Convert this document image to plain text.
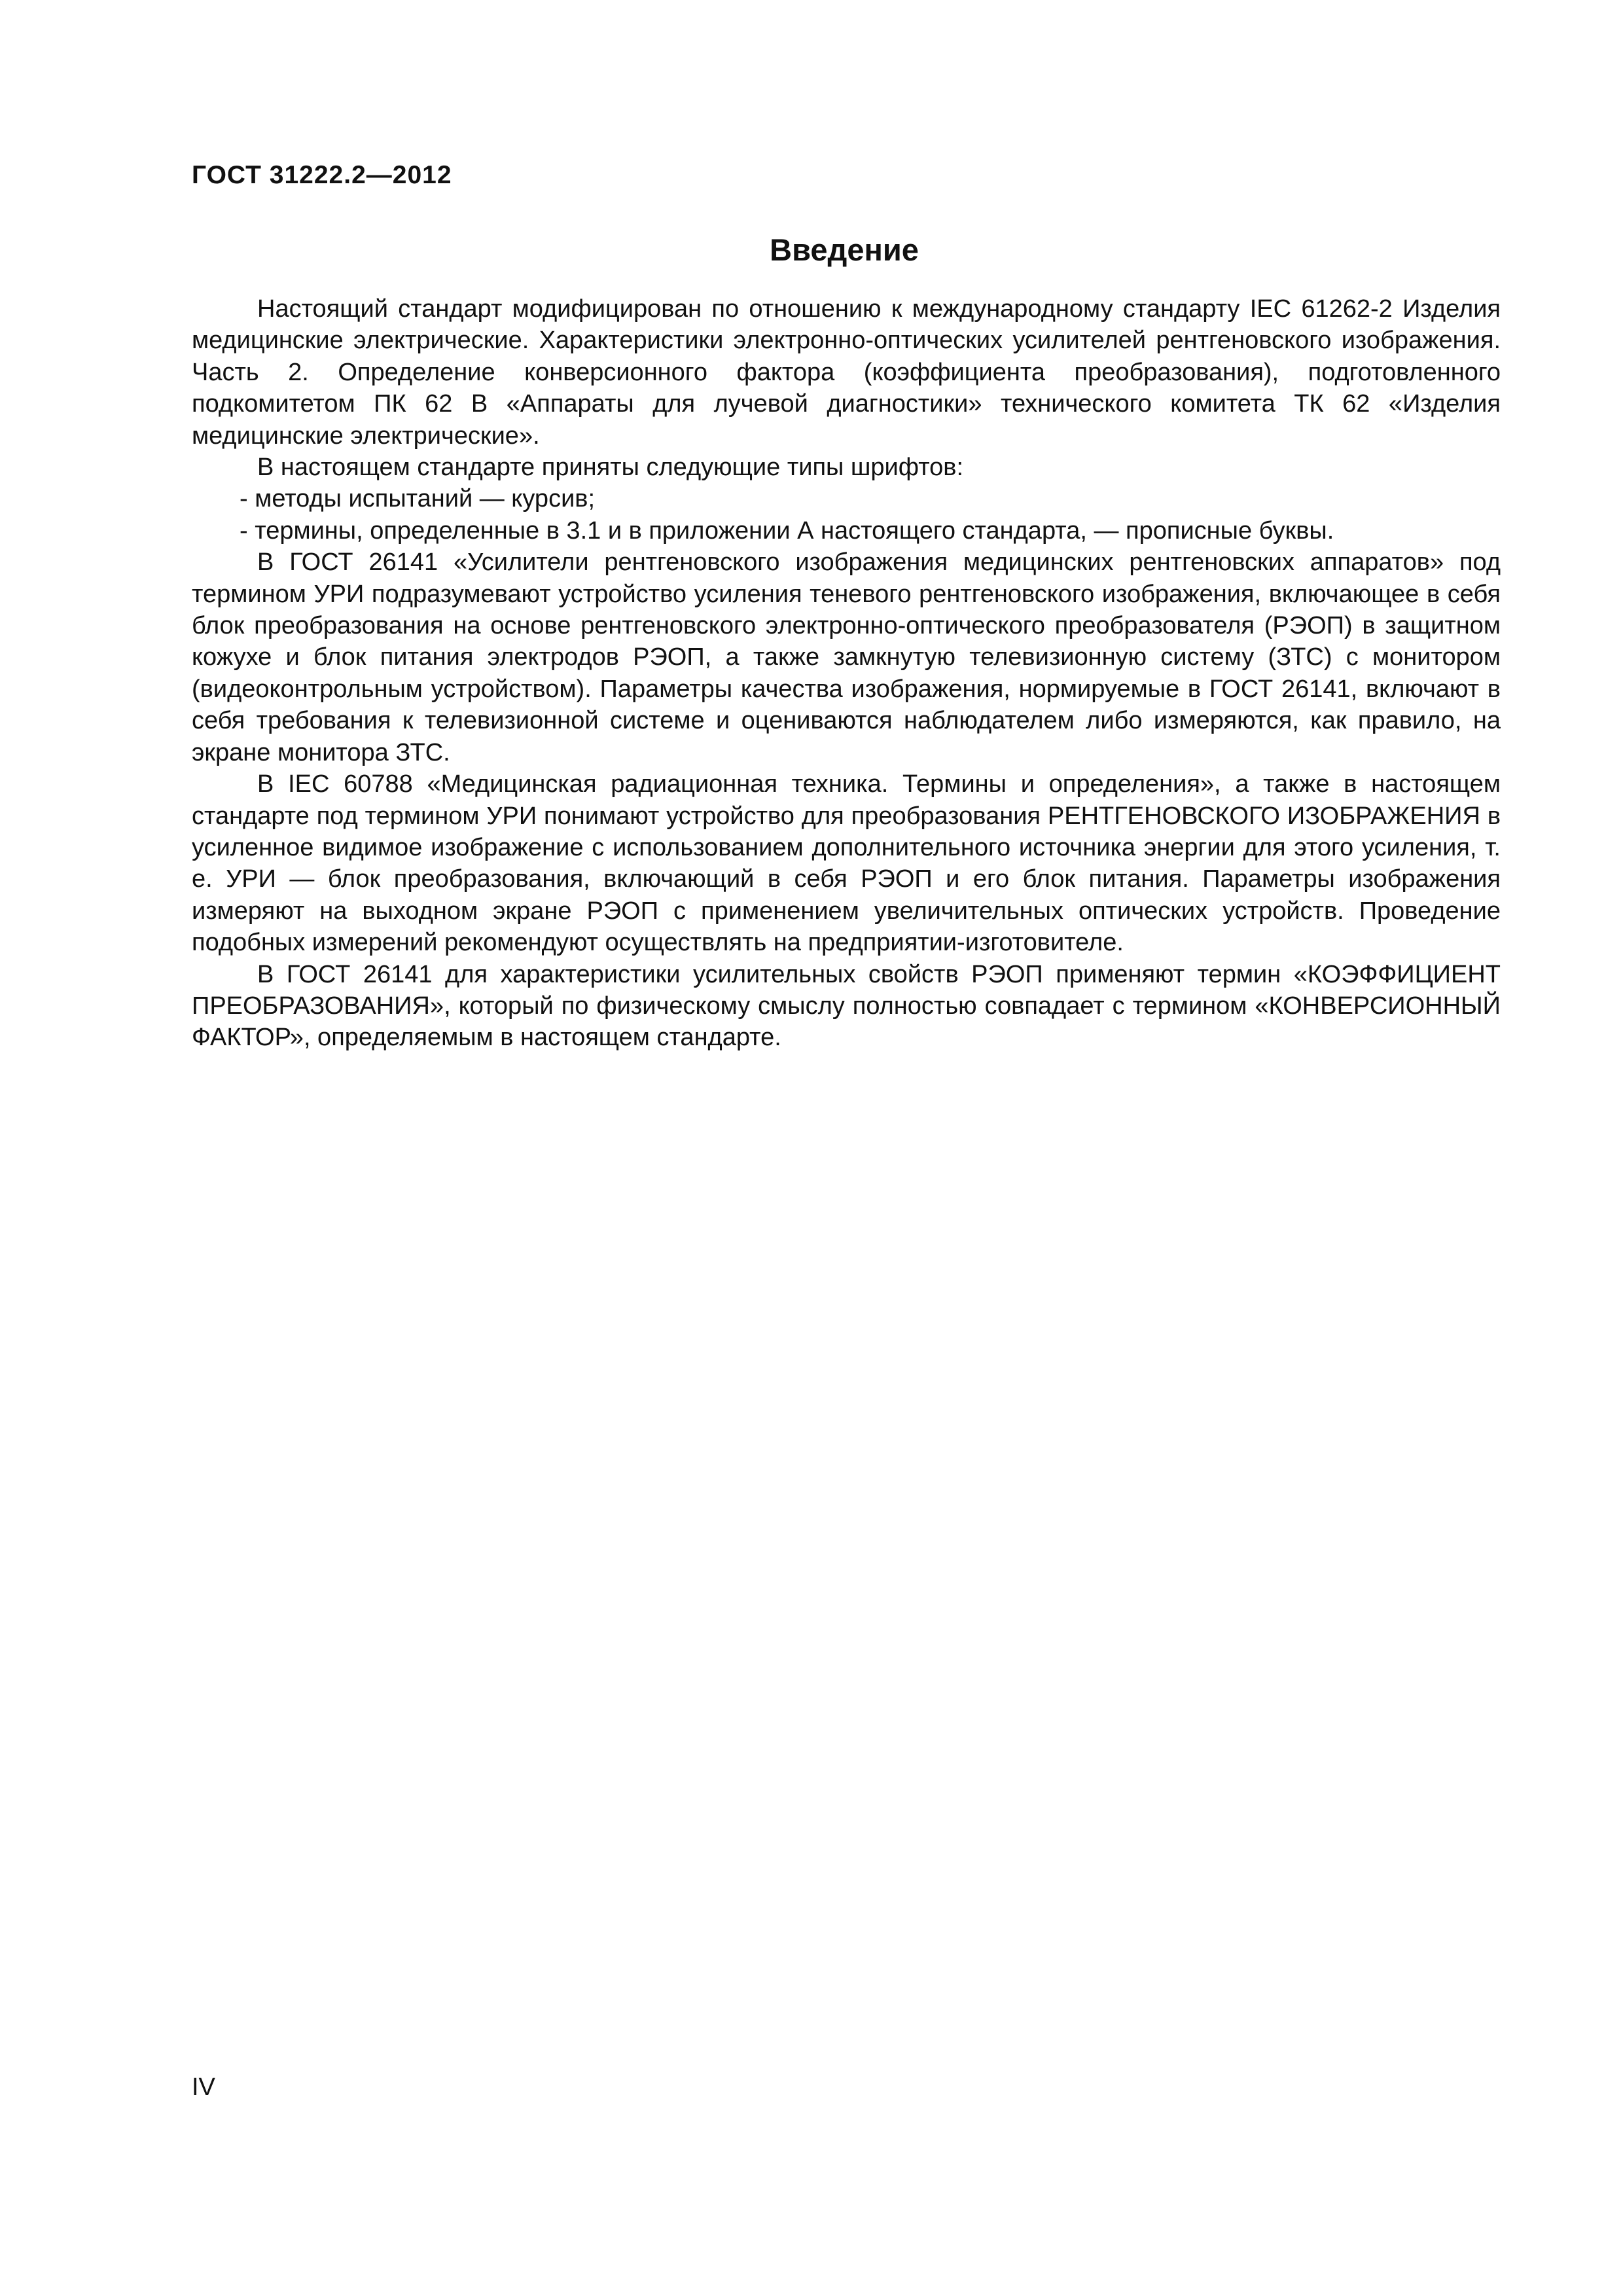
ГОСТ 31222.2—2012
Введение

Настоящий стандарт модифицирован по отношению к международному стандарту IEC 61262-2 Изделия медицинские электрические. Характеристики электронно-оптических усилителей рентгеновского изображения. Часть 2. Определение конверсионного фактора (коэффициента преобразования), подготовленного подкомитетом ПК 62 В «Аппараты для лучевой диагностики» технического комитета ТК 62 «Изделия медицинские электрические».

В настоящем стандарте приняты следующие типы шрифтов:

- методы испытаний — курсив;

- термины, определенные в 3.1 и в приложении А настоящего стандарта, — прописные буквы.

В ГОСТ 26141 «Усилители рентгеновского изображения медицинских рентгеновских аппаратов» под термином УРИ подразумевают устройство усиления теневого рентгеновского изображения, включающее в себя блок преобразования на основе рентгеновского электронно-оптического преобразователя (РЭОП) в защитном кожухе и блок питания электродов РЭОП, а также замкнутую телевизионную систему (ЗТС) с монитором (видеоконтрольным устройством). Параметры качества изображения, нормируемые в ГОСТ 26141, включают в себя требования к телевизионной системе и оцениваются наблюдателем либо измеряются, как правило, на экране монитора ЗТС.

В IEC 60788 «Медицинская радиационная техника. Термины и определения», а также в настоящем стандарте под термином УРИ понимают устройство для преобразования РЕНТГЕНОВСКОГО ИЗОБРАЖЕНИЯ в усиленное видимое изображение с использованием дополнительного источника энергии для этого усиления, т. е. УРИ — блок преобразования, включающий в себя РЭОП и его блок питания. Параметры изображения измеряют на выходном экране РЭОП с применением увеличительных оптических устройств. Проведение подобных измерений рекомендуют осуществлять на предприятии-изготовителе.

В ГОСТ 26141 для характеристики усилительных свойств РЭОП применяют термин «КОЭФФИЦИЕНТ ПРЕОБРАЗОВАНИЯ», который по физическому смыслу полностью совпадает с термином «КОНВЕРСИОННЫЙ ФАКТОР», определяемым в настоящем стандарте.

IV
